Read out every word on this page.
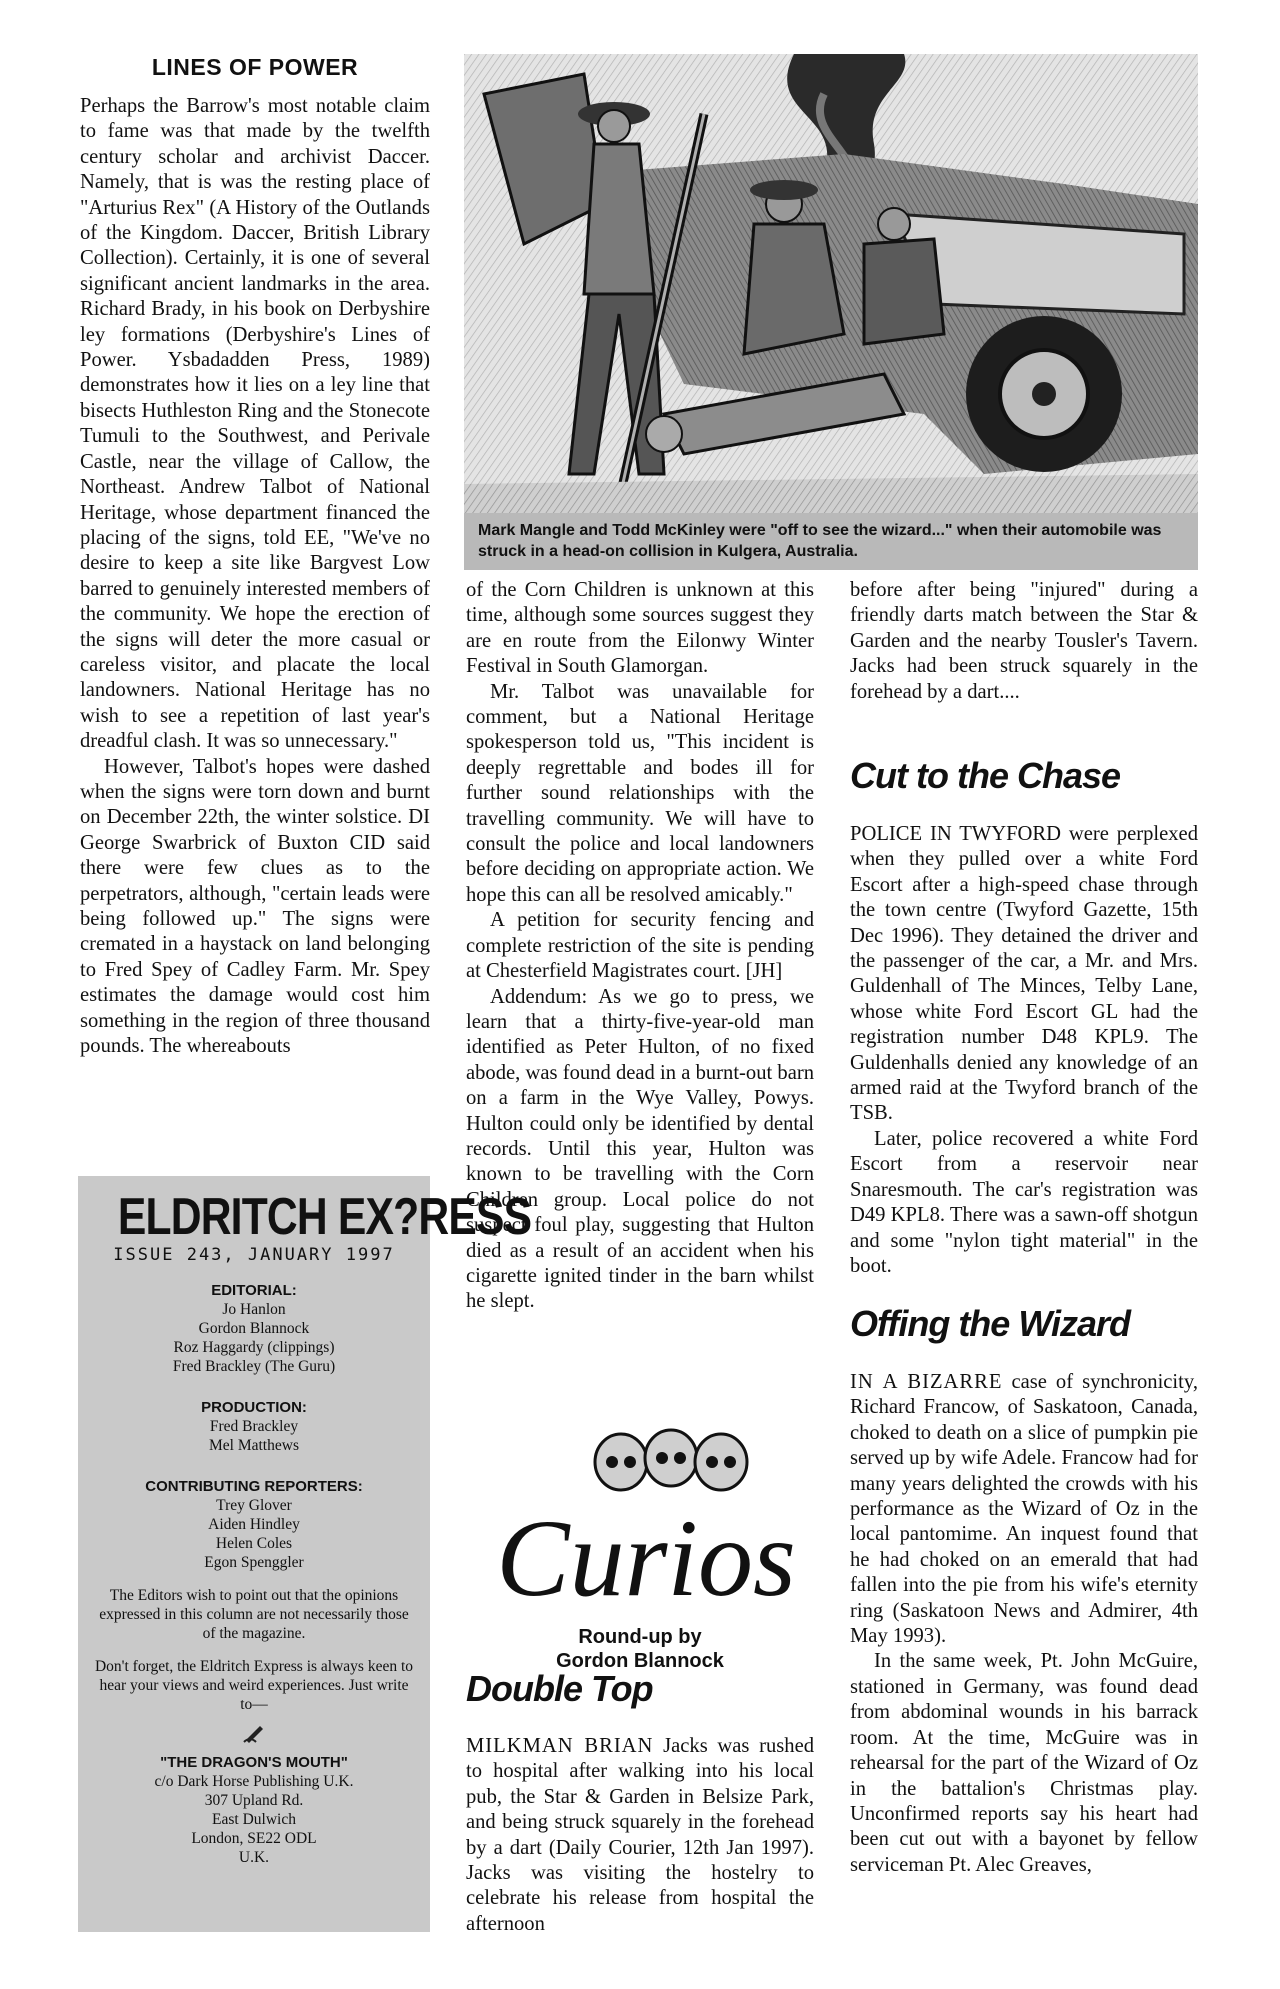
LINES OF POWER

Perhaps the Barrow's most notable claim to fame was that made by the twelfth century scholar and archivist Daccer. Namely, that is was the resting place of "Arturius Rex" (A History of the Outlands of the Kingdom. Daccer, British Library Collection). Certainly, it is one of several significant ancient landmarks in the area. Richard Brady, in his book on Derbyshire ley formations (Derbyshire's Lines of Power. Ysbadadden Press, 1989) demonstrates how it lies on a ley line that bisects Huthleston Ring and the Stonecote Tumuli to the Southwest, and Perivale Castle, near the village of Callow, the Northeast. Andrew Talbot of National Heritage, whose department financed the placing of the signs, told EE, "We've no desire to keep a site like Bargvest Low barred to genuinely interested members of the community. We hope the erection of the signs will deter the more casual or careless visitor, and placate the local landowners. National Heritage has no wish to see a repetition of last year's dreadful clash. It was so unnecessary."

However, Talbot's hopes were dashed when the signs were torn down and burnt on December 22th, the winter solstice. DI George Swarbrick of Buxton CID said there were few clues as to the perpetrators, although, "certain leads were being followed up." The signs were cremated in a haystack on land belonging to Fred Spey of Cadley Farm. Mr. Spey estimates the damage would cost him something in the region of three thousand pounds. The whereabouts

Mark Mangle and Todd McKinley were "off to see the wizard..." when their automobile was struck in a head-on collision in Kulgera, Australia.
ELDRITCH EX?RESS
ISSUE 243, JANUARY 1997
EDITORIAL:
Jo Hanlon
Gordon Blannock
Roz Haggardy (clippings)
Fred Brackley (The Guru)
PRODUCTION:
Fred Brackley
Mel Matthews
CONTRIBUTING REPORTERS:
Trey Glover
Aiden Hindley
Helen Coles
Egon Spenggler
The Editors wish to point out that the opinions expressed in this column are not necessarily those of the magazine.
Don't forget, the Eldritch Express is always keen to hear your views and weird experiences. Just write to—
"THE DRAGON'S MOUTH"
c/o Dark Horse Publishing U.K.
307 Upland Rd.
East Dulwich
London, SE22 ODL
U.K.

of the Corn Children is unknown at this time, although some sources suggest they are en route from the Eilonwy Winter Festival in South Glamorgan.

Mr. Talbot was unavailable for comment, but a National Heritage spokesperson told us, "This incident is deeply regrettable and bodes ill for further sound relationships with the travelling community. We will have to consult the police and local landowners before deciding on appropriate action. We hope this can all be resolved amicably."

A petition for security fencing and complete restriction of the site is pending at Chesterfield Magistrates court. [JH]

Addendum: As we go to press, we learn that a thirty-five-year-old man identified as Peter Hulton, of no fixed abode, was found dead in a burnt-out barn on a farm in the Wye Valley, Powys. Hulton could only be identified by dental records. Until this year, Hulton was known to be travelling with the Corn Children group. Local police do not suspect foul play, suggesting that Hulton died as a result of an accident when his cigarette ignited tinder in the barn whilst he slept.

Curios
Round-up by
Gordon Blannock
Double Top

MILKMAN BRIAN Jacks was rushed to hospital after walking into his local pub, the Star & Garden in Belsize Park, and being struck squarely in the forehead by a dart (Daily Courier, 12th Jan 1997). Jacks was visiting the hostelry to celebrate his release from hospital the afternoon

before after being "injured" during a friendly darts match between the Star & Garden and the nearby Tousler's Tavern. Jacks had been struck squarely in the forehead by a dart....

Cut to the Chase

POLICE IN TWYFORD were perplexed when they pulled over a white Ford Escort after a high-speed chase through the town centre (Twyford Gazette, 15th Dec 1996). They detained the driver and the passenger of the car, a Mr. and Mrs. Guldenhall of The Minces, Telby Lane, whose white Ford Escort GL had the registration number D48 KPL9. The Guldenhalls denied any knowledge of an armed raid at the Twyford branch of the TSB.

Later, police recovered a white Ford Escort from a reservoir near Snaresmouth. The car's registration was D49 KPL8. There was a sawn-off shotgun and some "nylon tight material" in the boot.

Offing the Wizard

IN A BIZARRE case of synchronicity, Richard Francow, of Saskatoon, Canada, choked to death on a slice of pumpkin pie served up by wife Adele. Francow had for many years delighted the crowds with his performance as the Wizard of Oz in the local pantomime. An inquest found that he had choked on an emerald that had fallen into the pie from his wife's eternity ring (Saskatoon News and Admirer, 4th May 1993).

In the same week, Pt. John McGuire, stationed in Germany, was found dead from abdominal wounds in his barrack room. At the time, McGuire was in rehearsal for the part of the Wizard of Oz in the battalion's Christmas play. Unconfirmed reports say his heart had been cut out with a bayonet by fellow serviceman Pt. Alec Greaves,
